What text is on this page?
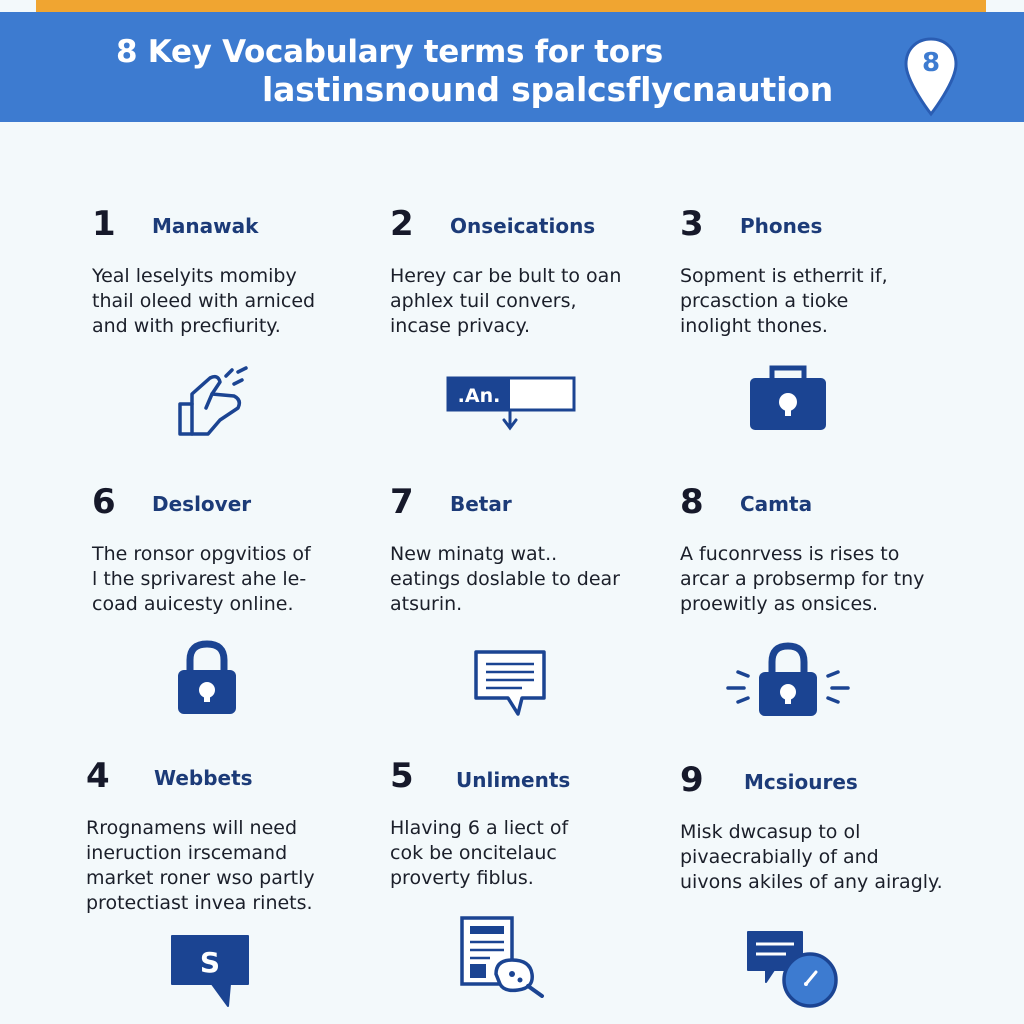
8 Key Vocabulary terms for tors
lastinsnound spalcsflycnaution
8
1 Manawak
Yeal leselyits momiby
thail oleed with arniced
and with precfiurity.
2 Onseications
Herey car be bult to oan
aphlex tuil convers,
incase privacy.
.An.
3 Phones
Sopment is etherrit if,
prcasction a tioke
inolight thones.
6 Deslover
The ronsor opgvitios of
l the sprivarest ahe le-
coad auicesty online.
7 Betar
New minatg wat..
eatings doslable to dear
atsurin.
8 Camta
A fuconrvess is rises to
arcar a probsermp for tny
proewitly as onsices.
4 Webbets
Rrognamens will need
ineruction irscemand
market roner wso partly
protectiast invea rinets.
S
5 Unliments
Hlaving 6 a liect of
cok be oncitelauc
proverty fiblus.
9 Mcsioures
Misk dwcasup to ol
pivaecrabially of and
uivons akiles of any airagly.
